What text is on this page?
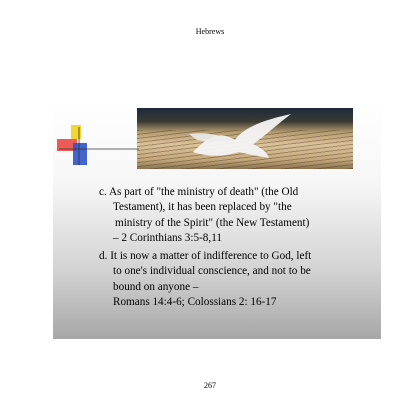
Hebrews
c. As part of "the ministry of death" (the Old
Testament), it has been replaced by "the
ministry of the Spirit" (the New Testament)
– 2 Corinthians 3:5-8,11
d. It is now a matter of indifference to God, left
to one's individual conscience, and not to be
bound on anyone –
Romans 14:4-6; Colossians 2: 16-17
267
